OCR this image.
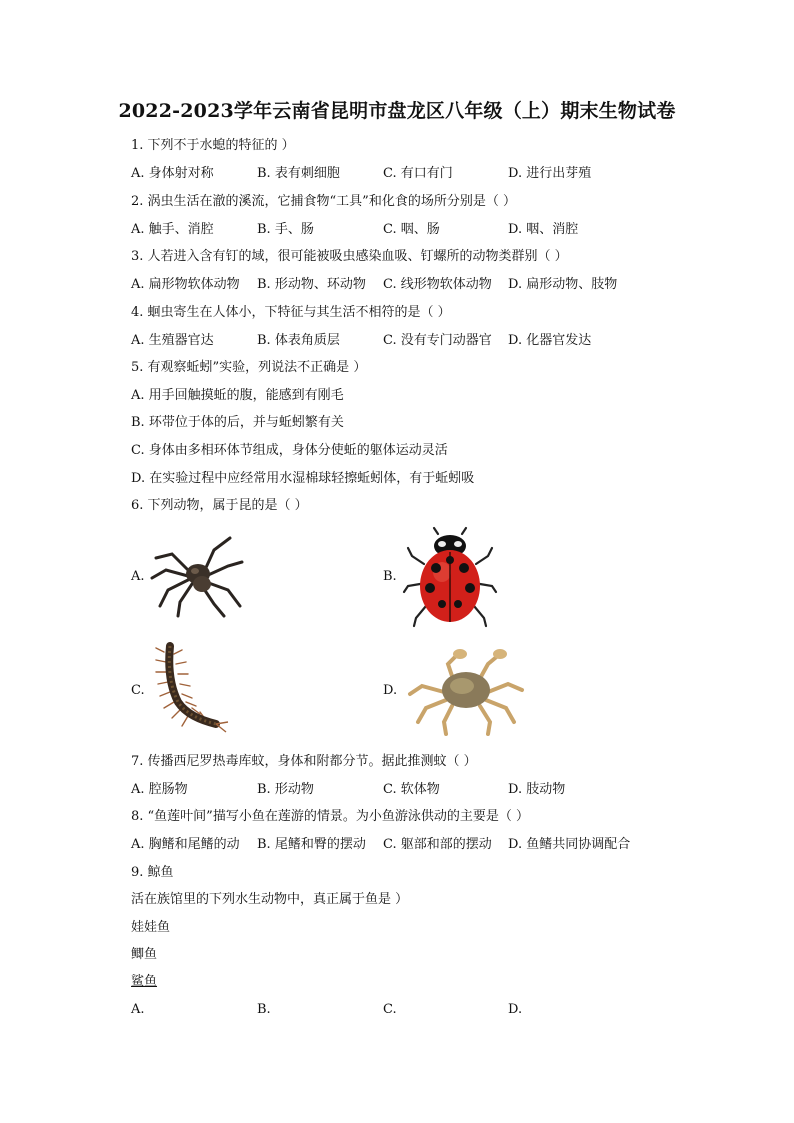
2022-2023学年云南省昆明市盘龙区八年级（上）期末生物试卷
1. 下列不于水螅的特征的 ）
A. 身体射对称	B. 表有刺细胞	C. 有口有门	D. 进行出芽殖
2. 涡虫生活在澈的溪流，它捕食物“工具”和化食的场所分别是（ ）
A. 触手、消腔	B. 手、肠	C. 咽、肠	D. 咽、消腔
3. 人若进入含有钉的域，很可能被吸虫感染血吸、钉螺所的动物类群别（ ）
A. 扁形物软体动物 B. 形动物、环动物 C. 线形物软体动物 D. 扁形动物、肢物
4. 蛔虫寄生在人体小，下特征与其生活不相符的是（ ）
A. 生殖器官达	B. 体表角质层	C. 没有专门动器官 D. 化器官发达
5. 有观察蚯蚓”实验，列说法不正确是 ）
A. 用手回触摸蚯的腹，能感到有刚毛
B. 环带位于体的后，并与蚯蚓繁有关
C. 身体由多相环体节组成，身体分使蚯的躯体运动灵活
D. 在实验过程中应经常用水湿棉球轻擦蚯蚓体，有于蚯蚓吸
6. 下列动物，属于昆的是（ ）
A.	B.
C.	D.
7. 传播西尼罗热毒库蚊，身体和附都分节。据此推测蚊（ ）
A. 腔肠物	B. 形动物	C. 软体物	D. 肢动物
8. “鱼莲叶间”描写小鱼在莲游的情景。为小鱼游泳供动的主要是（ ）
A. 胸鳍和尾鳍的动 B. 尾鳍和臀的摆动 C. 躯部和部的摆动 D. 鱼鳍共同协调配合
9. 鲸鱼
活在族馆里的下列水生动物中，真正属于鱼是 ）
娃娃鱼
鲫鱼
鲨鱼
A.	B.	C.	D.
